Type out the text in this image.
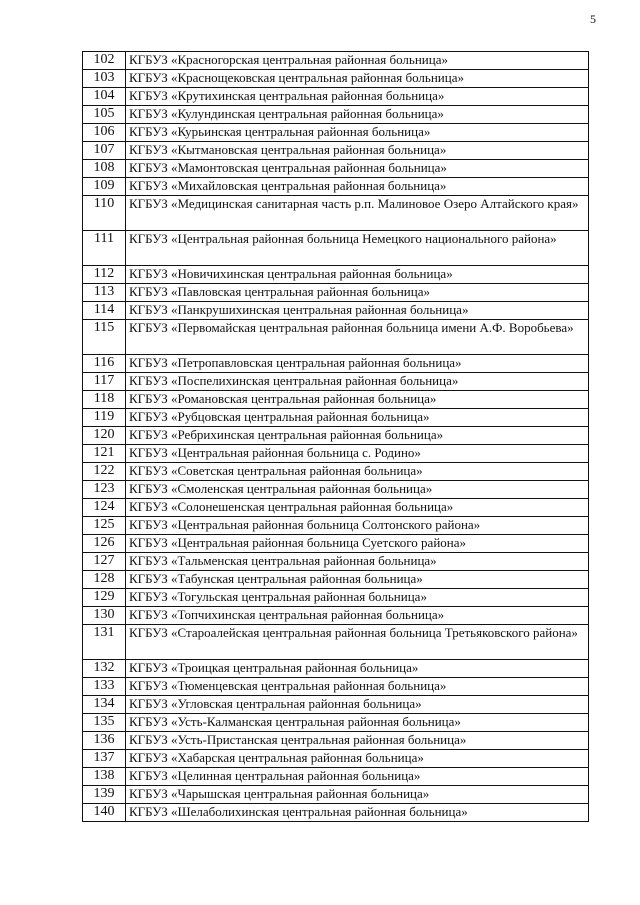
5
102	КГБУЗ «Красногорская центральная районная больница»
103	КГБУЗ «Краснощековская центральная районная больница»
104	КГБУЗ «Крутихинская центральная районная больница»
105	КГБУЗ «Кулундинская центральная районная больница»
106	КГБУЗ «Курьинская центральная районная больница»
107	КГБУЗ «Кытмановская центральная районная больница»
108	КГБУЗ «Мамонтовская центральная районная больница»
109	КГБУЗ «Михайловская центральная районная больница»
110	КГБУЗ «Медицинская санитарная часть р.п. Малиновое Озеро Алтайского края»
111	КГБУЗ «Центральная районная больница Немецкого национального района»
112	КГБУЗ «Новичихинская центральная районная больница»
113	КГБУЗ «Павловская центральная районная больница»
114	КГБУЗ «Панкрушихинская центральная районная больница»
115	КГБУЗ «Первомайская центральная районная больница имени А.Ф. Воробьева»
116	КГБУЗ «Петропавловская центральная районная больница»
117	КГБУЗ «Поспелихинская центральная районная больница»
118	КГБУЗ «Романовская центральная районная больница»
119	КГБУЗ «Рубцовская центральная районная больница»
120	КГБУЗ «Ребрихинская центральная районная больница»
121	КГБУЗ «Центральная районная больница с. Родино»
122	КГБУЗ «Советская центральная районная больница»
123	КГБУЗ «Смоленская центральная районная больница»
124	КГБУЗ «Солонешенская центральная районная больница»
125	КГБУЗ «Центральная районная больница Солтонского района»
126	КГБУЗ «Центральная районная больница Суетского района»
127	КГБУЗ «Тальменская центральная районная больница»
128	КГБУЗ «Табунская центральная районная больница»
129	КГБУЗ «Тогульская центральная районная больница»
130	КГБУЗ «Топчихинская центральная районная больница»
131	КГБУЗ «Староалейская центральная районная больница Третьяковского района»
132	КГБУЗ «Троицкая центральная районная больница»
133	КГБУЗ «Тюменцевская центральная районная больница»
134	КГБУЗ «Угловская центральная районная больница»
135	КГБУЗ «Усть-Калманская центральная районная больница»
136	КГБУЗ «Усть-Пристанская центральная районная больница»
137	КГБУЗ «Хабарская центральная районная больница»
138	КГБУЗ «Целинная центральная районная больница»
139	КГБУЗ «Чарышская центральная районная больница»
140	КГБУЗ «Шелаболихинская центральная районная больница»
